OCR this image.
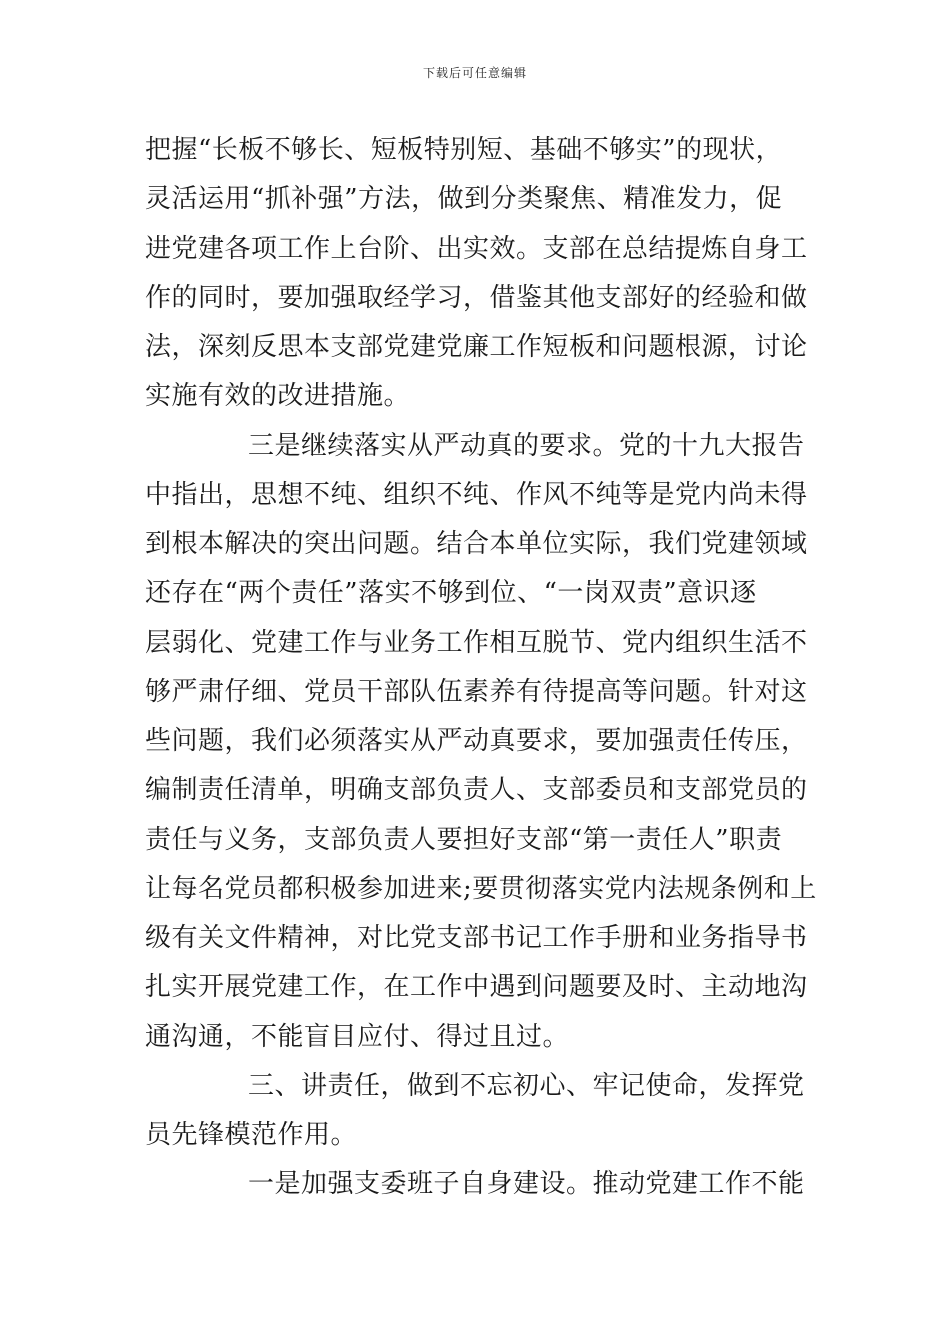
下载后可任意编辑
把握“长板不够长、短板特别短、基础不够实”的现状，
灵活运用“抓补强”方法，做到分类聚焦、精准发力，促
进党建各项工作上台阶、出实效。支部在总结提炼自身工
作的同时，要加强取经学习，借鉴其他支部好的经验和做
法，深刻反思本支部党建党廉工作短板和问题根源，讨论
实施有效的改进措施。
三是继续落实从严动真的要求。党的十九大报告
中指出，思想不纯、组织不纯、作风不纯等是党内尚未得
到根本解决的突出问题。结合本单位实际，我们党建领域
还存在“两个责任”落实不够到位、“一岗双责”意识逐
层弱化、党建工作与业务工作相互脱节、党内组织生活不
够严肃仔细、党员干部队伍素养有待提高等问题。针对这
些问题，我们必须落实从严动真要求，要加强责任传压，
编制责任清单，明确支部负责人、支部委员和支部党员的
责任与义务，支部负责人要担好支部“第一责任人”职责
让每名党员都积极参加进来;要贯彻落实党内法规条例和上
级有关文件精神，对比党支部书记工作手册和业务指导书
扎实开展党建工作，在工作中遇到问题要及时、主动地沟
通沟通，不能盲目应付、得过且过。
三、讲责任，做到不忘初心、牢记使命，发挥党
员先锋模范作用。
一是加强支委班子自身建设。推动党建工作不能
